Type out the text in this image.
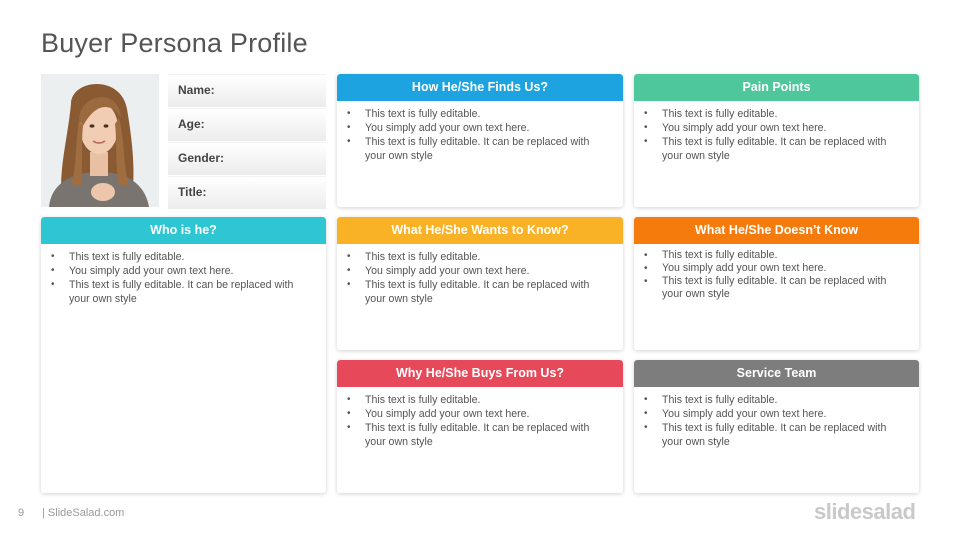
Buyer Persona Profile
Name:
Age:
Gender:
Title:
How He/She Finds Us?
• This text is fully editable.
• You simply add your own text here.
• This text is fully editable. It can be replaced with your own style
Pain Points
• This text is fully editable.
• You simply add your own text here.
• This text is fully editable. It can be replaced with your own style
Who is he?
• This text is fully editable.
• You simply add your own text here.
• This text is fully editable. It can be replaced with your own style
What He/She Wants to Know?
• This text is fully editable.
• You simply add your own text here.
• This text is fully editable. It can be replaced with your own style
What He/She Doesn’t Know
• This text is fully editable.
• You simply add your own text here.
• This text is fully editable. It can be replaced with your own style
Why He/She Buys From Us?
• This text is fully editable.
• You simply add your own text here.
• This text is fully editable. It can be replaced with your own style
Service Team
• This text is fully editable.
• You simply add your own text here.
• This text is fully editable. It can be replaced with your own style
9 | SlideSalad.com	slidesalad
